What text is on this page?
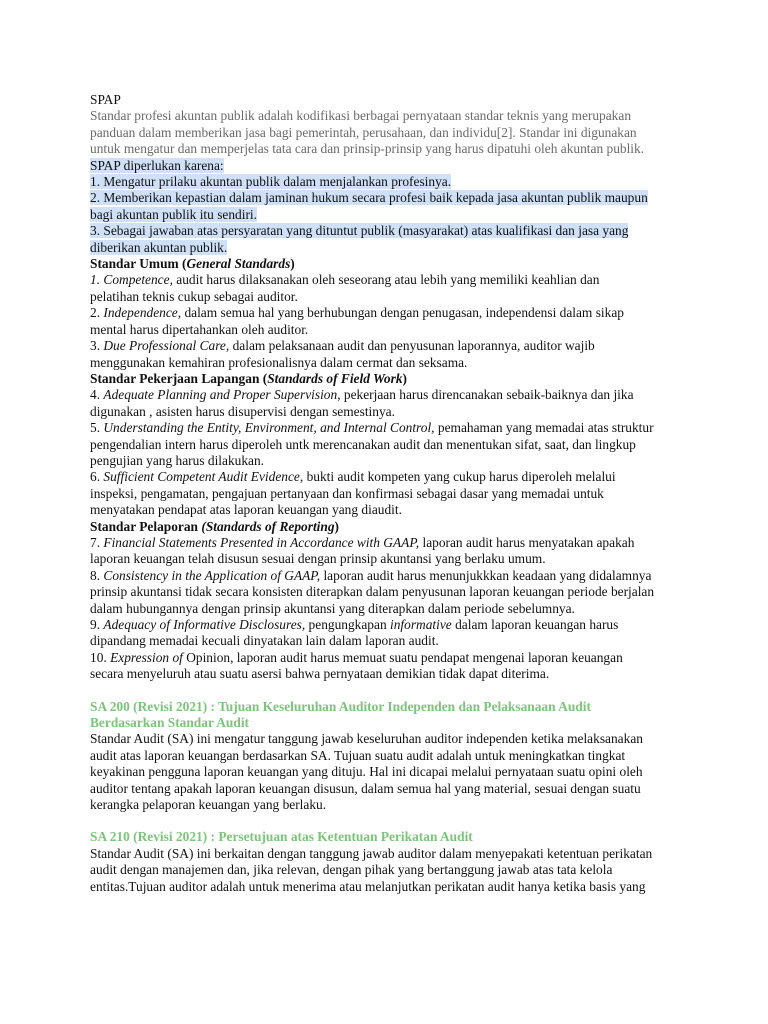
SPAP
Standar profesi akuntan publik adalah kodifikasi berbagai pernyataan standar teknis yang merupakan
panduan dalam memberikan jasa bagi pemerintah, perusahaan, dan individu[2]. Standar ini digunakan
untuk mengatur dan memperjelas tata cara dan prinsip-prinsip yang harus dipatuhi oleh akuntan publik.
SPAP diperlukan karena:
1. Mengatur prilaku akuntan publik dalam menjalankan profesinya.
2. Memberikan kepastian dalam jaminan hukum secara profesi baik kepada jasa akuntan publik maupun
bagi akuntan publik itu sendiri.
3. Sebagai jawaban atas persyaratan yang dituntut publik (masyarakat) atas kualifikasi dan jasa yang
diberikan akuntan publik.
Standar Umum (General Standards)
1. Competence, audit harus dilaksanakan oleh seseorang atau lebih yang memiliki keahlian dan
pelatihan teknis cukup sebagai auditor.
2. Independence, dalam semua hal yang berhubungan dengan penugasan, independensi dalam sikap
mental harus dipertahankan oleh auditor.
3. Due Professional Care, dalam pelaksanaan audit dan penyusunan laporannya, auditor wajib
menggunakan kemahiran profesionalisnya dalam cermat dan seksama.
Standar Pekerjaan Lapangan (Standards of Field Work)
4. Adequate Planning and Proper Supervision, pekerjaan harus direncanakan sebaik-baiknya dan jika
digunakan , asisten harus disupervisi dengan semestinya.
5. Understanding the Entity, Environment, and Internal Control, pemahaman yang memadai atas struktur
pengendalian intern harus diperoleh untk merencanakan audit dan menentukan sifat, saat, dan lingkup
pengujian yang harus dilakukan.
6. Sufficient Competent Audit Evidence, bukti audit kompeten yang cukup harus diperoleh melalui
inspeksi, pengamatan, pengajuan pertanyaan dan konfirmasi sebagai dasar yang memadai untuk
menyatakan pendapat atas laporan keuangan yang diaudit.
Standar Pelaporan (Standards of Reporting)
7. Financial Statements Presented in Accordance with GAAP, laporan audit harus menyatakan apakah
laporan keuangan telah disusun sesuai dengan prinsip akuntansi yang berlaku umum.
8. Consistency in the Application of GAAP, laporan audit harus menunjukkkan keadaan yang didalamnya
prinsip akuntansi tidak secara konsisten diterapkan dalam penyusunan laporan keuangan periode berjalan
dalam hubungannya dengan prinsip akuntansi yang diterapkan dalam periode sebelumnya.
9. Adequacy of Informative Disclosures, pengungkapan informative dalam laporan keuangan harus
dipandang memadai kecuali dinyatakan lain dalam laporan audit.
10. Expression of Opinion, laporan audit harus memuat suatu pendapat mengenai laporan keuangan
secara menyeluruh atau suatu asersi bahwa pernyataan demikian tidak dapat diterima.
SA 200 (Revisi 2021) : Tujuan Keseluruhan Auditor Independen dan Pelaksanaan Audit
Berdasarkan Standar Audit
Standar Audit (SA) ini mengatur tanggung jawab keseluruhan auditor independen ketika melaksanakan
audit atas laporan keuangan berdasarkan SA. Tujuan suatu audit adalah untuk meningkatkan tingkat
keyakinan pengguna laporan keuangan yang dituju. Hal ini dicapai melalui pernyataan suatu opini oleh
auditor tentang apakah laporan keuangan disusun, dalam semua hal yang material, sesuai dengan suatu
kerangka pelaporan keuangan yang berlaku.
SA 210 (Revisi 2021) : Persetujuan atas Ketentuan Perikatan Audit
Standar Audit (SA) ini berkaitan dengan tanggung jawab auditor dalam menyepakati ketentuan perikatan
audit dengan manajemen dan, jika relevan, dengan pihak yang bertanggung jawab atas tata kelola
entitas.Tujuan auditor adalah untuk menerima atau melanjutkan perikatan audit hanya ketika basis yang
